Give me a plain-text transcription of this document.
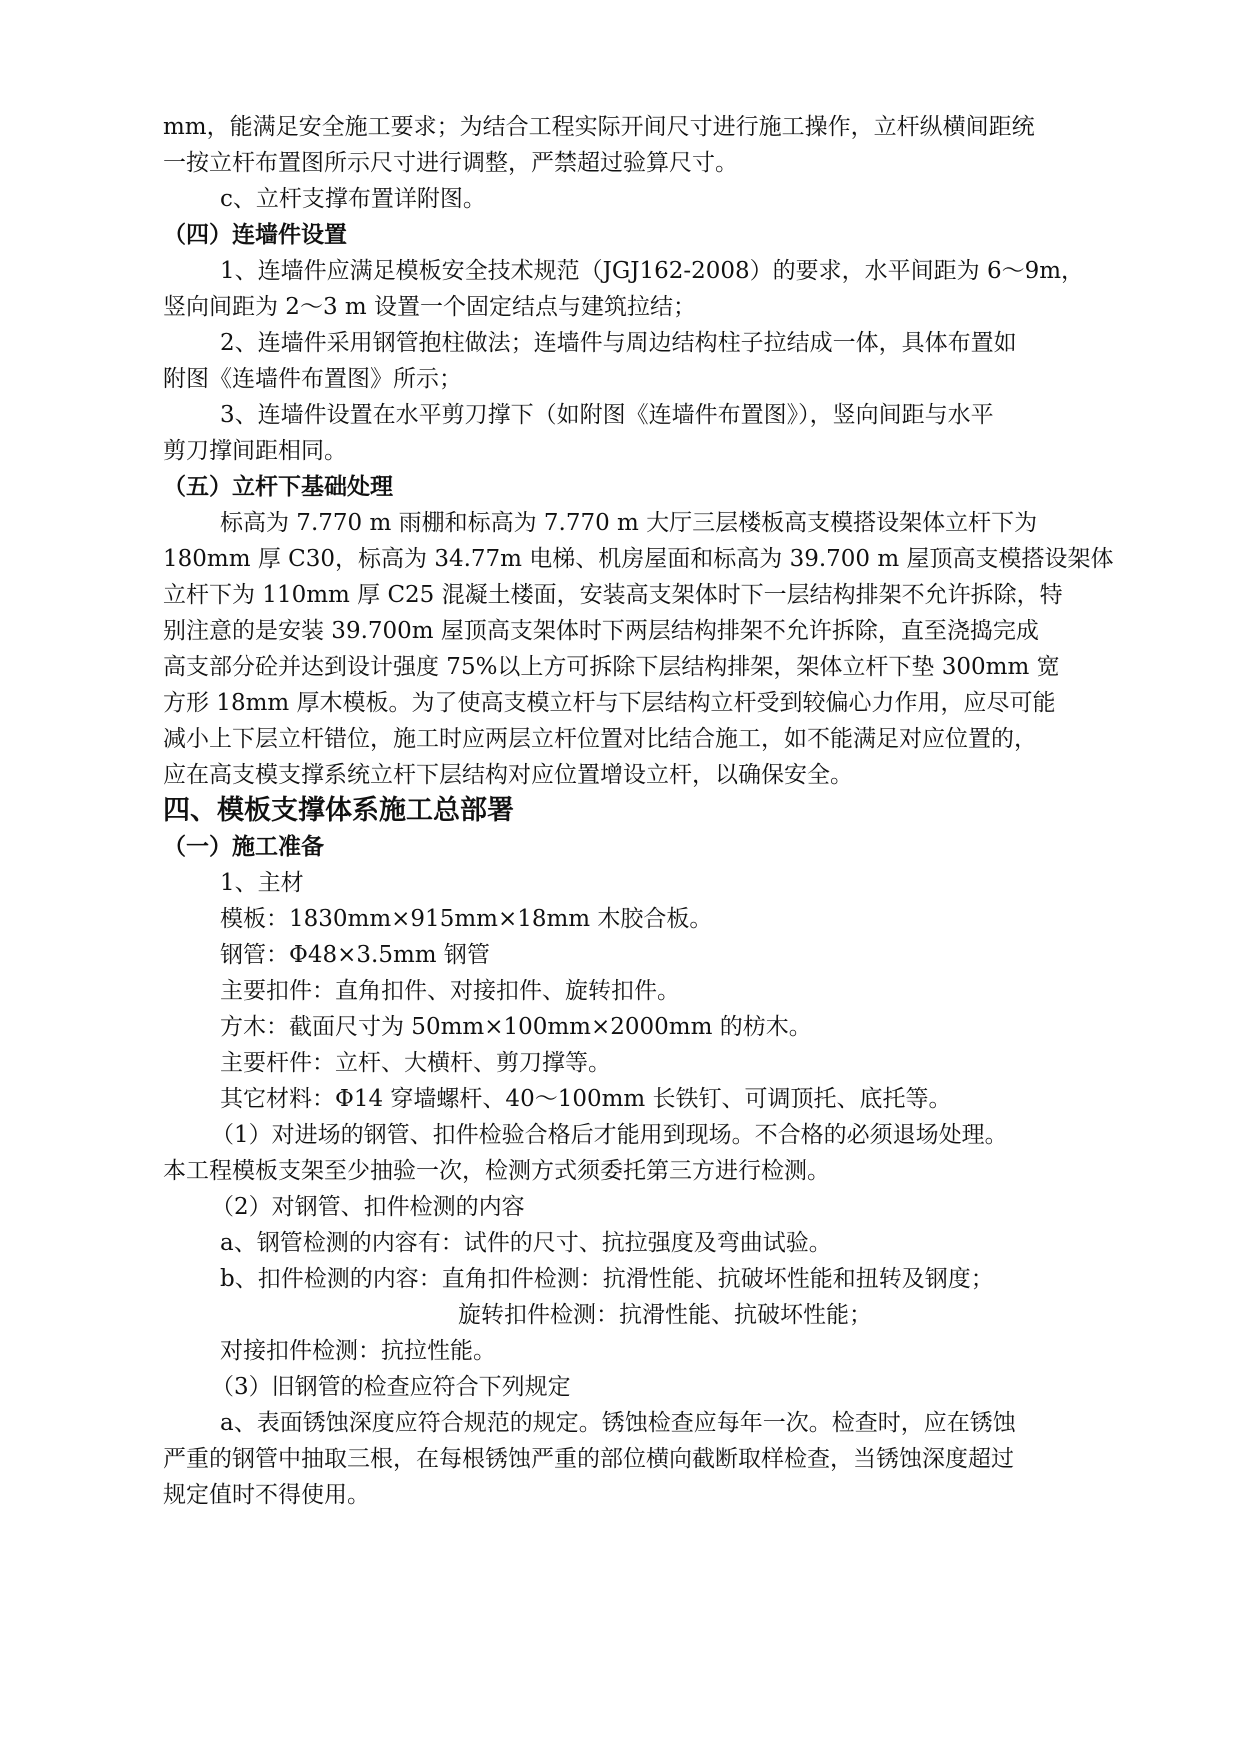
mm，能满足安全施工要求；为结合工程实际开间尺寸进行施工操作，立杆纵横间距统
一按立杆布置图所示尺寸进行调整，严禁超过验算尺寸。
c、立杆支撑布置详附图。
（四）连墙件设置
1、连墙件应满足模板安全技术规范（JGJ162-2008）的要求，水平间距为 6～9m，
竖向间距为 2～3 m 设置一个固定结点与建筑拉结；
2、连墙件采用钢管抱柱做法；连墙件与周边结构柱子拉结成一体，具体布置如
附图《连墙件布置图》所示；
3、连墙件设置在水平剪刀撑下（如附图《连墙件布置图》），竖向间距与水平
剪刀撑间距相同。
（五）立杆下基础处理
标高为 7.770 m 雨棚和标高为 7.770 m 大厅三层楼板高支模搭设架体立杆下为
180mm 厚 C30，标高为 34.77m 电梯、机房屋面和标高为 39.700 m 屋顶高支模搭设架体
立杆下为 110mm 厚 C25 混凝土楼面，安装高支架体时下一层结构排架不允许拆除，特
别注意的是安装 39.700m 屋顶高支架体时下两层结构排架不允许拆除，直至浇捣完成
高支部分砼并达到设计强度 75%以上方可拆除下层结构排架，架体立杆下垫 300mm 宽
方形 18mm 厚木模板。为了使高支模立杆与下层结构立杆受到较偏心力作用，应尽可能
减小上下层立杆错位，施工时应两层立杆位置对比结合施工，如不能满足对应位置的，
应在高支模支撑系统立杆下层结构对应位置增设立杆，以确保安全。
四、模板支撑体系施工总部署
（一）施工准备
1、主材
模板：1830mm×915mm×18mm 木胶合板。
钢管：Φ48×3.5mm 钢管
主要扣件：直角扣件、对接扣件、旋转扣件。
方木：截面尺寸为 50mm×100mm×2000mm 的枋木。
主要杆件：立杆、大横杆、剪刀撑等。
其它材料：Φ14 穿墙螺杆、40～100mm 长铁钉、可调顶托、底托等。
（1）对进场的钢管、扣件检验合格后才能用到现场。不合格的必须退场处理。
本工程模板支架至少抽验一次，检测方式须委托第三方进行检测。
（2）对钢管、扣件检测的内容
a、钢管检测的内容有：试件的尺寸、抗拉强度及弯曲试验。
b、扣件检测的内容：直角扣件检测：抗滑性能、抗破坏性能和扭转及钢度；
旋转扣件检测：抗滑性能、抗破坏性能；
对接扣件检测：抗拉性能。
（3）旧钢管的检查应符合下列规定
a、表面锈蚀深度应符合规范的规定。锈蚀检查应每年一次。检查时，应在锈蚀
严重的钢管中抽取三根，在每根锈蚀严重的部位横向截断取样检查，当锈蚀深度超过
规定值时不得使用。
